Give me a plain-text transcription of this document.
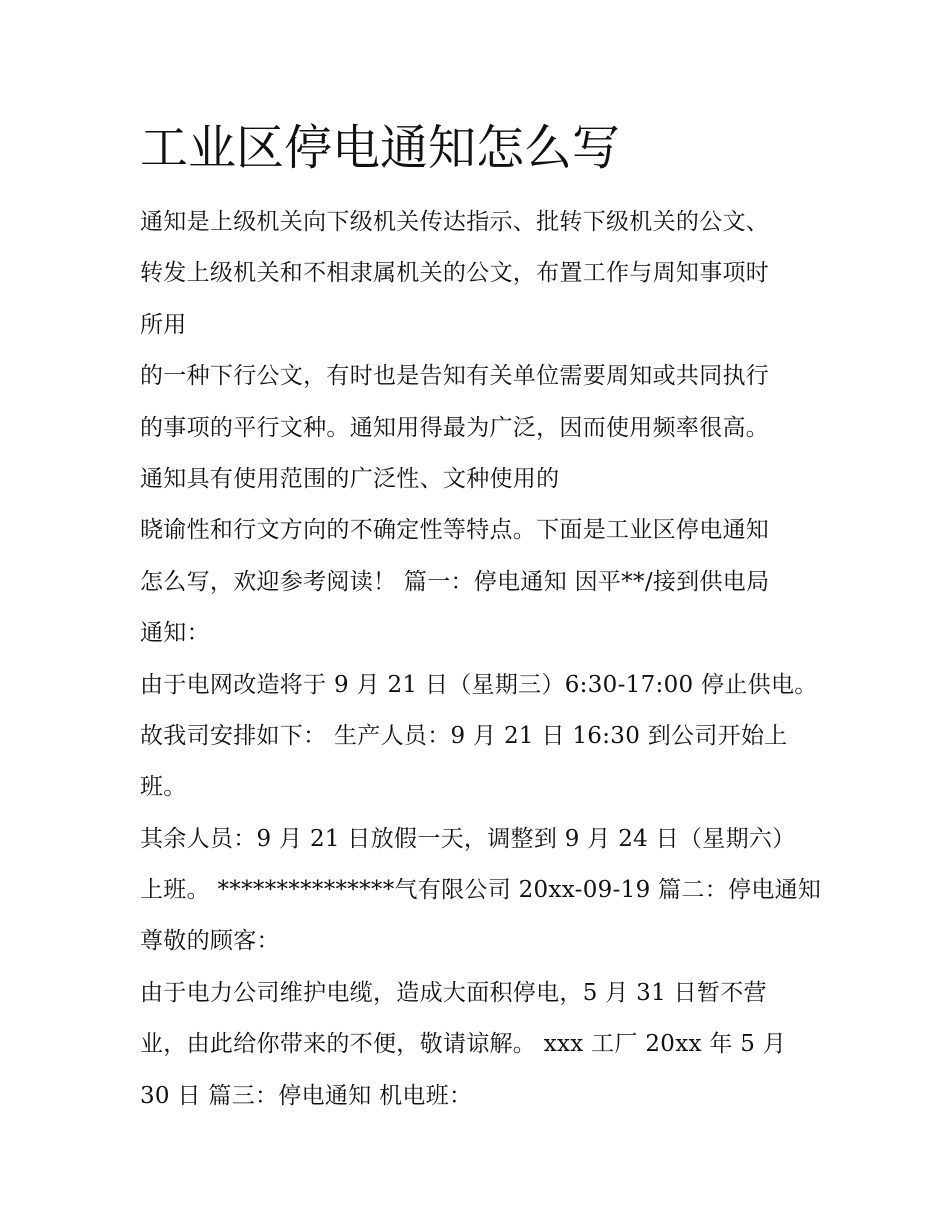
工业区停电通知怎么写
通知是上级机关向下级机关传达指示、批转下级机关的公文、
转发上级机关和不相隶属机关的公文，布置工作与周知事项时
所用
的一种下行公文，有时也是告知有关单位需要周知或共同执行
的事项的平行文种。通知用得最为广泛，因而使用频率很高。
通知具有使用范围的广泛性、文种使用的
晓谕性和行文方向的不确定性等特点。下面是工业区停电通知
怎么写，欢迎参考阅读！ 篇一：停电通知 因平**/接到供电局
通知：
由于电网改造将于 9 月 21 日（星期三）6:30-17:00 停止供电。
故我司安排如下： 生产人员：9 月 21 日 16:30 到公司开始上
班。
其余人员：9 月 21 日放假一天，调整到 9 月 24 日（星期六）
上班。 ***************气有限公司 20xx-09-19 篇二：停电通知
尊敬的顾客：
由于电力公司维护电缆，造成大面积停电，5 月 31 日暂不营
业，由此给你带来的不便，敬请谅解。 xxx 工厂 20xx 年 5 月
30 日 篇三：停电通知 机电班：
